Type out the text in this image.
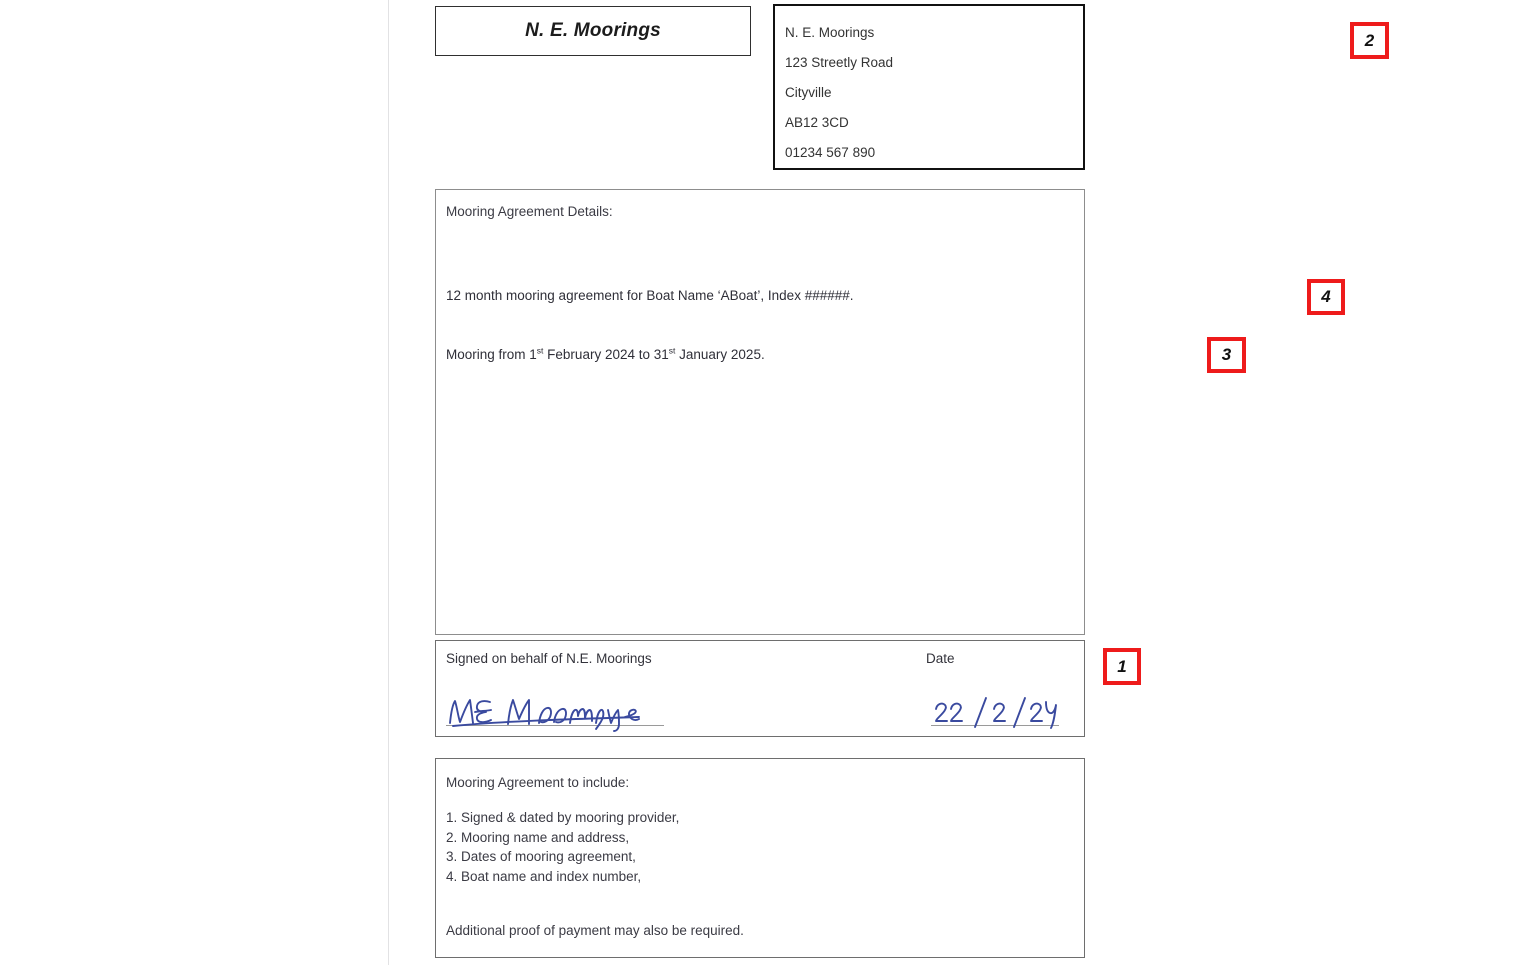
N. E. Moorings	N. E. Moorings
123 Streetly Road
Cityville
AB12 3CD
01234 567 890
Mooring Agreement Details:
12 month mooring agreement for Boat Name ‘ABoat’, Index ######.
Mooring from 1st February 2024 to 31st January 2025.
Signed on behalf of N.E. Moorings	Date
Mooring Agreement to include:
1. Signed & dated by mooring provider,
2. Mooring name and address,
3. Dates of mooring agreement,
4. Boat name and index number,
Additional proof of payment may also be required.
1
2
3
4
